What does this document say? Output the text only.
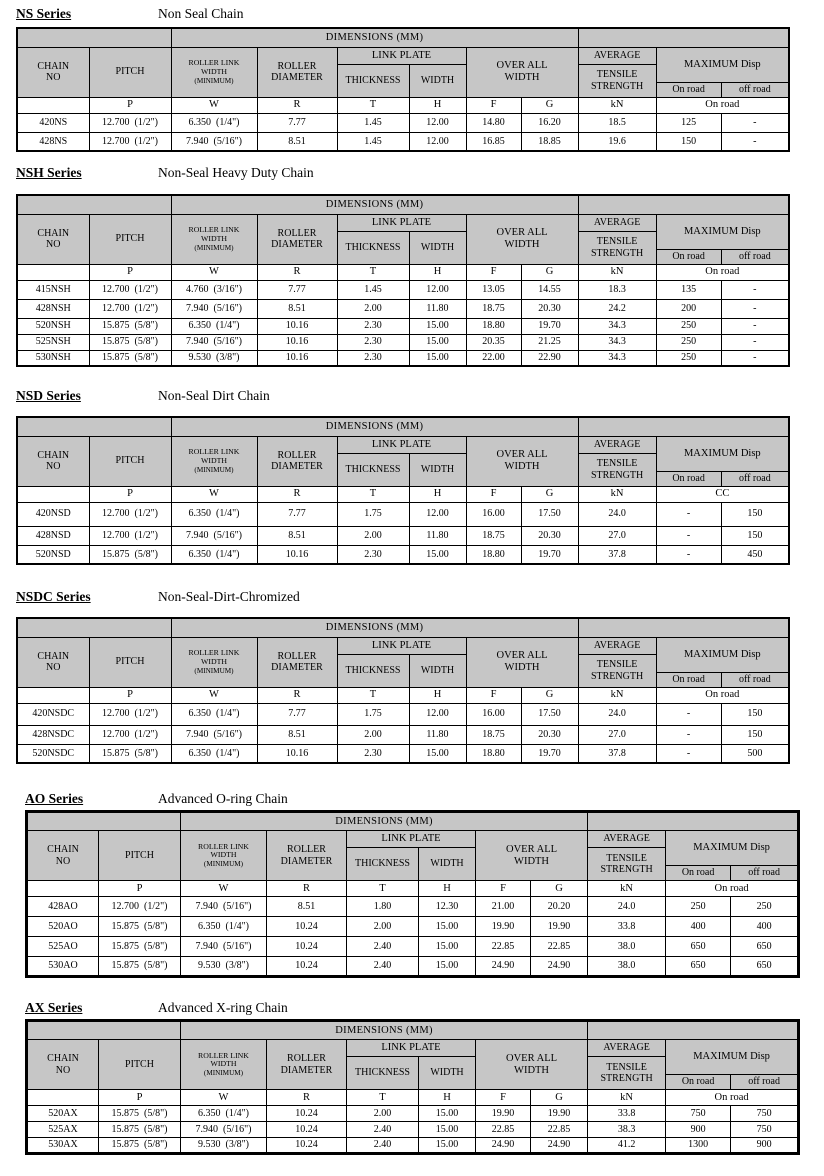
NS Series	Non Seal Chain
		DIMENSIONS (MM)								
CHAIN NO	PITCH	ROLLER LINK WIDTH
(MINIMUM)	ROLLER DIAMETER	LINK PLATE		OVER ALL WIDTH		AVERAGE	MAXIMUM Disp	
				THICKNESS	WIDTH			TENSILE STRENGTH		
									On road	off road
	P	W	R	T	H	F	G	kN	On road	
420NS	12.700  (1/2")	6.350  (1/4")	7.77	1.45	12.00	14.80	16.20	18.5	125	-
428NS	12.700  (1/2")	7.940  (5/16")	8.51	1.45	12.00	16.85	18.85	19.6	150	-
NSH Series	Non-Seal Heavy Duty Chain
		DIMENSIONS (MM)								
CHAIN NO	PITCH	ROLLER LINK WIDTH
(MINIMUM)	ROLLER DIAMETER	LINK PLATE		OVER ALL WIDTH		AVERAGE	MAXIMUM Disp	
				THICKNESS	WIDTH			TENSILE STRENGTH		
									On road	off road
	P	W	R	T	H	F	G	kN	On road	
415NSH	12.700  (1/2")	4.760  (3/16")	7.77	1.45	12.00	13.05	14.55	18.3	135	-
428NSH	12.700  (1/2")	7.940  (5/16")	8.51	2.00	11.80	18.75	20.30	24.2	200	-
520NSH	15.875  (5/8")	6.350  (1/4")	10.16	2.30	15.00	18.80	19.70	34.3	250	-
525NSH	15.875  (5/8")	7.940  (5/16")	10.16	2.30	15.00	20.35	21.25	34.3	250	-
530NSH	15.875  (5/8")	9.530  (3/8")	10.16	2.30	15.00	22.00	22.90	34.3	250	-
NSD Series	Non-Seal Dirt Chain
		DIMENSIONS (MM)								
CHAIN NO	PITCH	ROLLER LINK WIDTH
(MINIMUM)	ROLLER DIAMETER	LINK PLATE		OVER ALL WIDTH		AVERAGE	MAXIMUM Disp	
				THICKNESS	WIDTH			TENSILE STRENGTH		
									On road	off road
	P	W	R	T	H	F	G	kN	CC	
420NSD	12.700  (1/2")	6.350  (1/4")	7.77	1.75	12.00	16.00	17.50	24.0	-	150
428NSD	12.700  (1/2")	7.940  (5/16")	8.51	2.00	11.80	18.75	20.30	27.0	-	150
520NSD	15.875  (5/8")	6.350  (1/4")	10.16	2.30	15.00	18.80	19.70	37.8	-	450
NSDC Series	Non-Seal-Dirt-Chromized
		DIMENSIONS (MM)								
CHAIN NO	PITCH	ROLLER LINK WIDTH
(MINIMUM)	ROLLER DIAMETER	LINK PLATE		OVER ALL WIDTH		AVERAGE	MAXIMUM Disp	
				THICKNESS	WIDTH			TENSILE STRENGTH		
									On road	off road
	P	W	R	T	H	F	G	kN	On road	
420NSDC	12.700  (1/2")	6.350  (1/4")	7.77	1.75	12.00	16.00	17.50	24.0	-	150
428NSDC	12.700  (1/2")	7.940  (5/16")	8.51	2.00	11.80	18.75	20.30	27.0	-	150
520NSDC	15.875  (5/8")	6.350  (1/4")	10.16	2.30	15.00	18.80	19.70	37.8	-	500
AO Series	Advanced O-ring Chain
		DIMENSIONS (MM)								
CHAIN NO	PITCH	ROLLER LINK WIDTH
(MINIMUM)	ROLLER DIAMETER	LINK PLATE		OVER ALL WIDTH		AVERAGE	MAXIMUM Disp	
				THICKNESS	WIDTH			TENSILE STRENGTH		
									On road	off road
	P	W	R	T	H	F	G	kN	On road	
428AO	12.700  (1/2")	7.940  (5/16")	8.51	1.80	12.30	21.00	20.20	24.0	250	250
520AO	15.875  (5/8")	6.350  (1/4")	10.24	2.00	15.00	19.90	19.90	33.8	400	400
525AO	15.875  (5/8")	7.940  (5/16")	10.24	2.40	15.00	22.85	22.85	38.0	650	650
530AO	15.875  (5/8")	9.530  (3/8")	10.24	2.40	15.00	24.90	24.90	38.0	650	650
AX Series	Advanced X-ring Chain
		DIMENSIONS (MM)								
CHAIN NO	PITCH	ROLLER LINK WIDTH
(MINIMUM)	ROLLER DIAMETER	LINK PLATE		OVER ALL WIDTH		AVERAGE	MAXIMUM Disp	
				THICKNESS	WIDTH			TENSILE STRENGTH		
									On road	off road
	P	W	R	T	H	F	G	kN	On road	
520AX	15.875  (5/8")	6.350  (1/4")	10.24	2.00	15.00	19.90	19.90	33.8	750	750
525AX	15.875  (5/8")	7.940  (5/16")	10.24	2.40	15.00	22.85	22.85	38.3	900	750
530AX	15.875  (5/8")	9.530  (3/8")	10.24	2.40	15.00	24.90	24.90	41.2	1300	900
